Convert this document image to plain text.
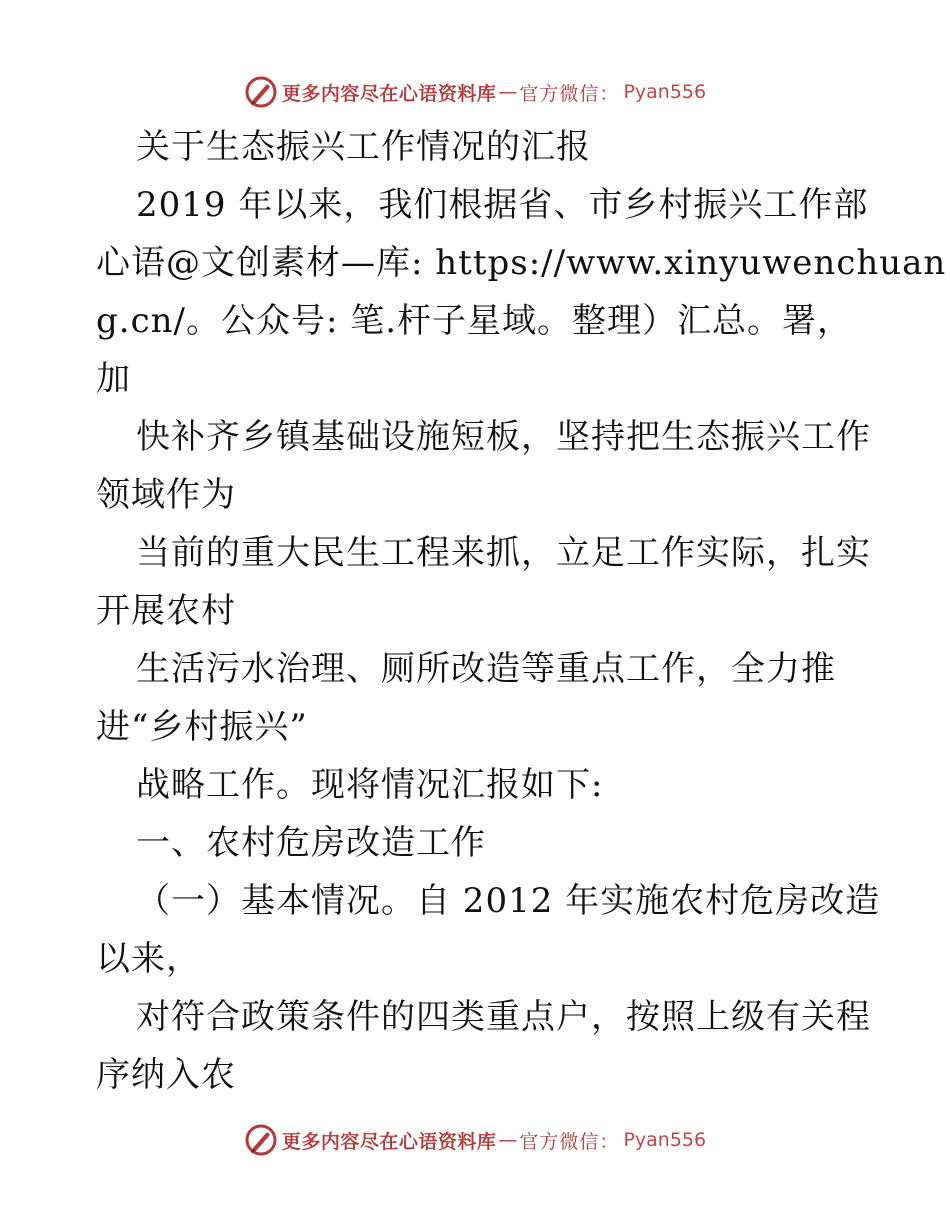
更多内容尽在心语资料库 — 官方微信： Pyan556
关于生态振兴工作情况的汇报
2019 年以来，我们根据省、市乡村振兴工作部
心语@文创素材—库: https://www.xinyuwenchuan
g.cn/。公众号: 笔.杆子星域。整理）汇总。署，
加
快补齐乡镇基础设施短板，坚持把生态振兴工作
领域作为
当前的重大民生工程来抓，立足工作实际，扎实
开展农村
生活污水治理、厕所改造等重点工作，全力推
进“乡村振兴”
战略工作。现将情况汇报如下:
一、农村危房改造工作
（一）基本情况。自 2012 年实施农村危房改造
以来，
对符合政策条件的四类重点户，按照上级有关程
序纳入农
更多内容尽在心语资料库 — 官方微信： Pyan556
